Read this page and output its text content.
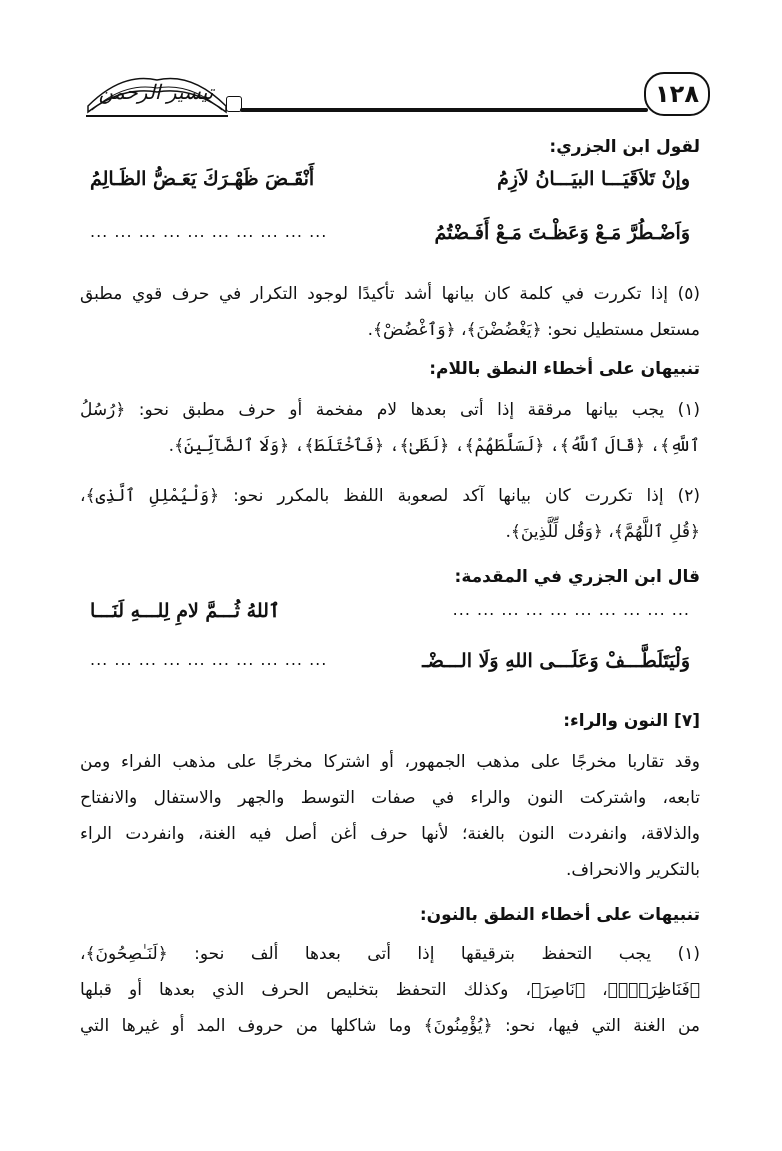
١٢٨
تيسير الرحمن

لقول ابن الجزري:

وإنْ تَلاَقَيَـــا البيَـــانُ لاَزِمُ
أَنْقَـضَ ظَهْـرَكَ يَعَـضُّ الظَـالِمُ
وَاَضْـطُرَّ مَـعْ وَعَظْـتَ مَـعْ أَفَـضْتُمُ
... ... ... ... ... ... ... ... ... ...

(٥) إذا تكررت في كلمة كان بيانها أشد تأكيدًا لوجود التكرار في حرف قوي مطبق

مستعل مستطيل نحو: ﴿يَغْضُضْنَ﴾، ﴿وَٱغْضُضْ﴾.

تنبيهان على أخطاء النطق باللام:

(١) يجب بيانها مرققة إذا أتى بعدها لام مفخمة أو حرف مطبق نحو: ﴿رُسُلُ

ٱللَّهِ﴾، ﴿قَالَ ٱللَّهُ﴾، ﴿لَسَلَّطَهُمْ﴾، ﴿لَظَىٰ﴾، ﴿فَٱخْتَلَطَ﴾، ﴿وَلَا ٱلضَّآلِّينَ﴾.

(٢) إذا تكررت كان بيانها آكد لصعوبة اللفظ بالمكرر نحو: ﴿وَلْيُمْلِلِ ٱلَّذِى﴾،

﴿قُلِ ٱللَّهُمَّ﴾، ﴿وَقُل لِّلَّذِينَ﴾.

قال ابن الجزري في المقدمة:

... ... ... ... ... ... ... ... ... ...
ٱللهُ ثُـــمَّ لامِ لِلـــهِ لَنَـــا
وَلْيَتَلَطَّـــفْ وَعَلَـــى اللهِ وَلَا الـــضْـ
... ... ... ... ... ... ... ... ... ...

[٧] النون والراء:

وقد تقاربا مخرجًا على مذهب الجمهور، أو اشتركا مخرجًا على مذهب الفراء ومن

تابعه، واشتركت النون والراء في صفات التوسط والجهر والاستفال والانفتاح

والذلاقة، وانفردت النون بالغنة؛ لأنها حرف أغن أصل فيه الغنة، وانفردت الراء

بالتكرير والانحراف.

تنبيهات على أخطاء النطق بالنون:

(١) يجب التحفظ بترقيقها إذا أتى بعدها ألف نحو: ﴿لَنَـٰصِحُونَ﴾،

﴿فَنَاظِرَةُۢ﴾، ﴿نَاصِرَ﴾، وكذلك التحفظ بتخليص الحرف الذي بعدها أو قبلها

من الغنة التي فيها، نحو: ﴿يُؤْمِنُونَ﴾ وما شاكلها من حروف المد أو غيرها التي
